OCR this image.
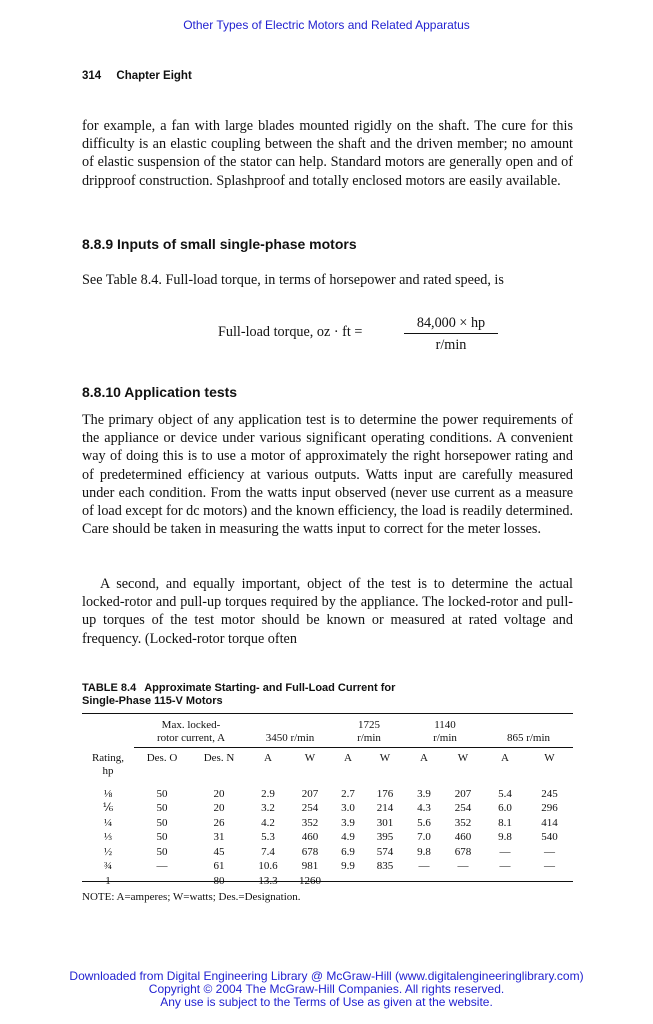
Other Types of Electric Motors and Related Apparatus
314 Chapter Eight

for example, a fan with large blades mounted rigidly on the shaft. The cure for this difficulty is an elastic coupling between the shaft and the driven member; no amount of elastic suspension of the stator can help. Standard motors are generally open and of dripproof construction. Splashproof and totally enclosed motors are easily available.

8.8.9 Inputs of small single-phase motors

See Table 8.4. Full-load torque, in terms of horsepower and rated speed, is

Full-load torque, oz · ft =
84,000 × hp
r/min
8.8.10 Application tests

The primary object of any application test is to determine the power requirements of the appliance or device under various significant operating conditions. A convenient way of doing this is to use a motor of approximately the right horsepower rating and of predetermined efficiency at various outputs. Watts input are carefully measured under each condition. From the watts input observed (never use current as a measure of load except for dc motors) and the known efficiency, the load is readily determined. Care should be taken in measuring the watts input to correct for the meter losses.

A second, and equally important, object of the test is to determine the actual locked-rotor and pull-up torques required by the appliance. The locked-rotor and pull-up torques of the test motor should be known or measured at rated voltage and frequency. (Locked-rotor torque often

TABLE 8.4 Approximate Starting- and Full-Load Current for
Single-Phase 115-V Motors

	Max. locked-				1725		1140			

Rating,	rotor current, A		3450 r/min		r/min		r/min		865 r/min	
	Des. O	Des. N	A	W	A	W	A	W	A	W
hp										
⅛	50	20	2.9	207	2.7	176	3.9	207	5.4	245
⅙	50	20	3.2	254	3.0	214	4.3	254	6.0	296
¼	50	26	4.2	352	3.9	301	5.6	352	8.1	414
⅓	50	31	5.3	460	4.9	395	7.0	460	9.8	540
½	50	45	7.4	678	6.9	574	9.8	678	—	—
¾	—	61	10.6	981	9.9	835	—	—	—	—
1	—	80	13.3	1260	—	—	—	—	—	—
NOTE: A=amperes; W=watts; Des.=Designation.
Downloaded from Digital Engineering Library @ McGraw-Hill (www.digitalengineeringlibrary.com)
Copyright © 2004 The McGraw-Hill Companies. All rights reserved.
Any use is subject to the Terms of Use as given at the website.
